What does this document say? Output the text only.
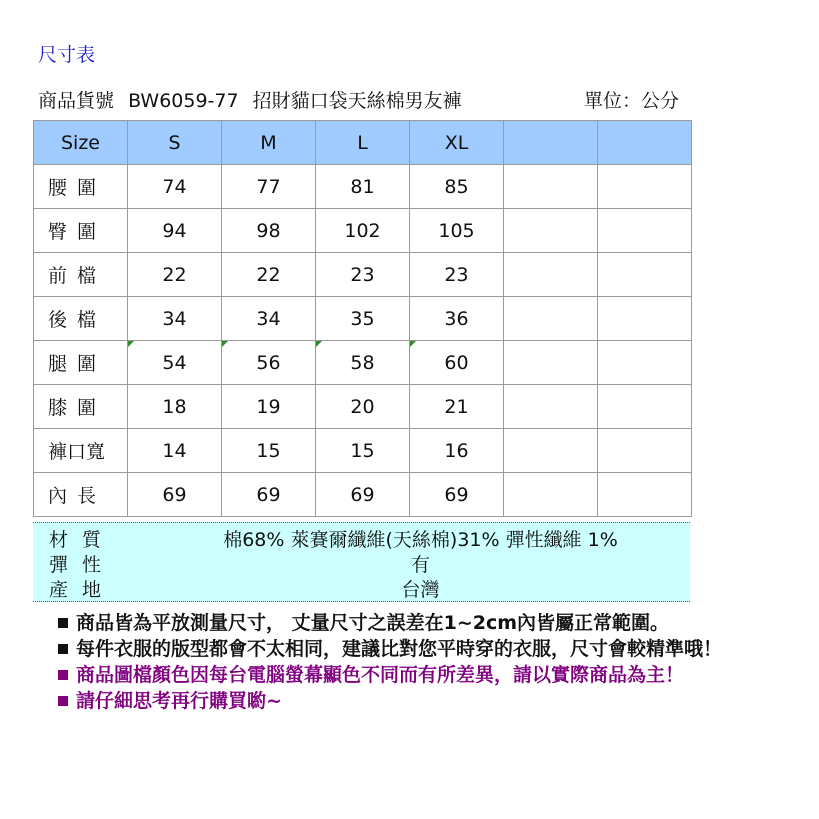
尺寸表
商品貨號 BW6059-77 招財貓口袋天絲棉男友褲	單位：公分
Size	S	M	L	XL		
腰 圍	74	77	81	85		
臀 圍	94	98	102	105		
前 檔	22	22	23	23		
後 檔	34	34	35	36		
腿 圍	54	56	58	60		
膝 圍	18	19	20	21		
褲口寬	14	15	15	16		
內 長	69	69	69	69		
材 質	棉68% 萊賽爾纖維(天絲棉)31% 彈性纖維 1%
彈 性	有
產 地	台灣
商品皆為平放測量尺寸， 丈量尺寸之誤差在1~2cm內皆屬正常範圍。
每件衣服的版型都會不太相同，建議比對您平時穿的衣服，尺寸會較精準哦！
商品圖檔顏色因每台電腦螢幕顯色不同而有所差異，請以實際商品為主！
請仔細思考再行購買喲~
